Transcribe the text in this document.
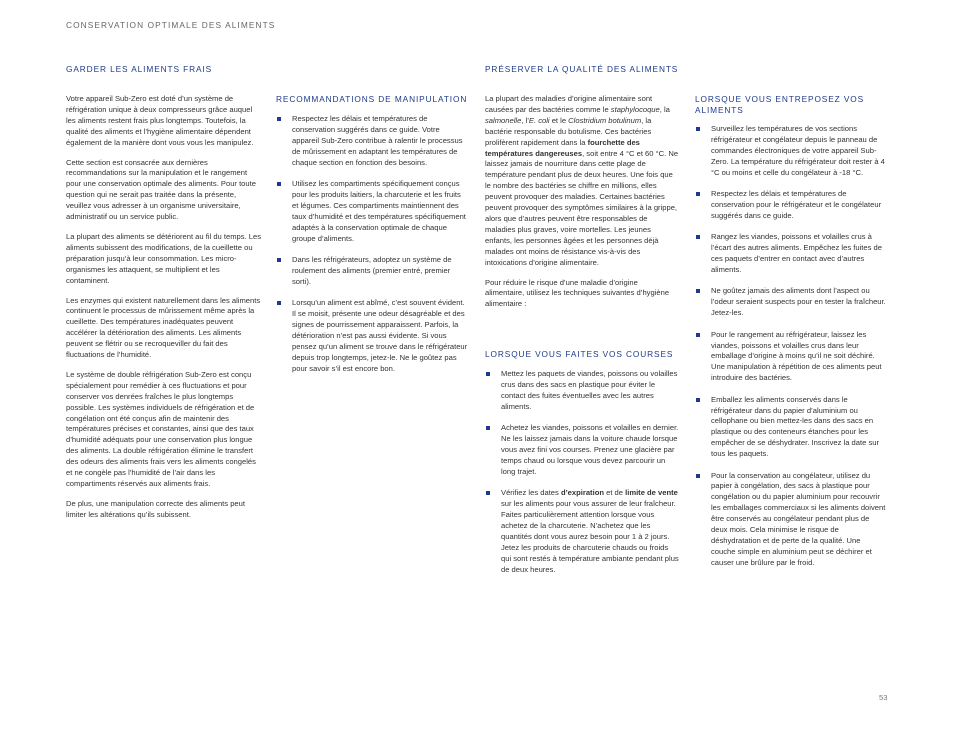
CONSERVATION OPTIMALE DES ALIMENTS
GARDER LES ALIMENTS FRAIS

Votre appareil Sub-Zero est doté d’un système de réfrigération unique à deux compresseurs grâce auquel les aliments restent frais plus longtemps. Toutefois, la qualité des aliments et l’hygiène alimentaire dépendent également de la manière dont vous vous les manipulez.

Cette section est consacrée aux dernières recommandations sur la manipulation et le rangement pour une conservation optimale des aliments. Pour toute question qui ne serait pas traitée dans la présente, veuillez vous adresser à un organisme universitaire, administratif ou un service public.

La plupart des aliments se détériorent au fil du temps. Les aliments subissent des modifications, de la cueillette ou préparation jusqu’à leur consommation. Les micro-organismes les attaquent, se multiplient et les contaminent.

Les enzymes qui existent naturellement dans les aliments continuent le processus de mûrissement même après la cueillette. Des températures inadéquates peuvent accélérer la détérioration des aliments. Les aliments peuvent se flétrir ou se recroqueviller du fait des fluctuations de l’humidité.

Le système de double réfrigération Sub-Zero est conçu spécialement pour remédier à ces fluctuations et pour conserver vos denrées fraîches le plus longtemps possible. Les systèmes individuels de réfrigération et de congélation ont été conçus afin de maintenir des températures précises et constantes, ainsi que des taux d’humidité adéquats pour une conservation plus longue des aliments. La double réfrigération élimine le transfert des odeurs des aliments frais vers les aliments congelés et ne congèle pas l’humidité de l’air dans les compartiments réservés aux aliments frais.

De plus, une manipulation correcte des aliments peut limiter les altérations qu’ils subissent.

RECOMMANDATIONS DE MANIPULATION
Respectez les délais et températures de conservation suggérés dans ce guide. Votre appareil Sub-Zero contribue à ralentir le processus de mûrissement en adaptant les températures de chaque section en fonction des besoins.
Utilisez les compartiments spécifiquement conçus pour les produits laitiers, la charcuterie et les fruits et légumes. Ces compartiments maintiennent des taux d’humidité et des températures spécifiquement adaptés à la conservation optimale de chaque groupe d’aliments.
Dans les réfrigérateurs, adoptez un système de roulement des aliments (premier entré, premier sorti).
Lorsqu’un aliment est abîmé, c’est souvent évident. Il se moisit, présente une odeur désagréable et des signes de pourrissement apparaissent. Parfois, la détérioration n’est pas aussi évidente. Si vous pensez qu’un aliment se trouve dans le réfrigérateur depuis trop longtemps, jetez-le. Ne le goûtez pas pour savoir s’il est encore bon.
PRÉSERVER LA QUALITÉ DES ALIMENTS

La plupart des maladies d’origine alimentaire sont causées par des bactéries comme le staphylocoque, la salmonelle, l’E. coli et le Clostridium botulinum, la bactérie responsable du botulisme. Ces bactéries prolifèrent rapidement dans la fourchette des températures dangereuses, soit entre 4 °C et 60 °C. Ne laissez jamais de nourriture dans cette plage de température pendant plus de deux heures. Une fois que le nombre des bactéries se chiffre en millions, elles peuvent provoquer des maladies. Certaines bactéries peuvent provoquer des symptômes similaires à la grippe, alors que d’autres peuvent être responsables de maladies plus graves, voire mortelles. Les jeunes enfants, les personnes âgées et les personnes déjà malades ont moins de résistance vis-à-vis des intoxications d’origine alimentaire.

Pour réduire le risque d’une maladie d’origine alimentaire, utilisez les techniques suivantes d’hygiène alimentaire :

LORSQUE VOUS FAITES VOS COURSES
Mettez les paquets de viandes, poissons ou volailles crus dans des sacs en plastique pour éviter le contact des fuites éventuelles avec les autres aliments.
Achetez les viandes, poissons et volailles en dernier. Ne les laissez jamais dans la voiture chaude lorsque vous avez fini vos courses. Prenez une glacière par temps chaud ou lorsque vous devez parcourir un long trajet.
Vérifiez les dates d’expiration et de limite de vente sur les aliments pour vous assurer de leur fraîcheur. Faites particulièrement attention lorsque vous achetez de la charcuterie. N’achetez que les quantités dont vous aurez besoin pour 1 à 2 jours. Jetez les produits de charcuterie chauds ou froids qui sont restés à température ambiante pendant plus de deux heures.
LORSQUE VOUS ENTREPOSEZ VOS ALIMENTS
Surveillez les températures de vos sections réfrigérateur et congélateur depuis le panneau de commandes électroniques de votre appareil Sub-Zero. La température du réfrigérateur doit rester à 4 °C ou moins et celle du congélateur à -18 °C.
Respectez les délais et températures de conservation pour le réfrigérateur et le congélateur suggérés dans ce guide.
Rangez les viandes, poissons et volailles crus à l’écart des autres aliments. Empêchez les fuites de ces paquets d’entrer en contact avec d’autres aliments.
Ne goûtez jamais des aliments dont l’aspect ou l’odeur seraient suspects pour en tester la fraîcheur. Jetez-les.
Pour le rangement au réfrigérateur, laissez les viandes, poissons et volailles crus dans leur emballage d’origine à moins qu’il ne soit déchiré. Une manipulation à répétition de ces aliments peut introduire des bactéries.
Emballez les aliments conservés dans le réfrigérateur dans du papier d’aluminium ou cellophane ou bien mettez-les dans des sacs en plastique ou des conteneurs étanches pour les empêcher de se déshydrater. Inscrivez la date sur tous les paquets.
Pour la conservation au congélateur, utilisez du papier à congélation, des sacs à plastique pour congélation ou du papier aluminium pour recouvrir les emballages commerciaux si les aliments doivent être conservés au congélateur pendant plus de deux mois. Cela minimise le risque de déshydratation et de perte de la qualité. Une couche simple en aluminium peut se déchirer et causer une brûlure par le froid.
53
